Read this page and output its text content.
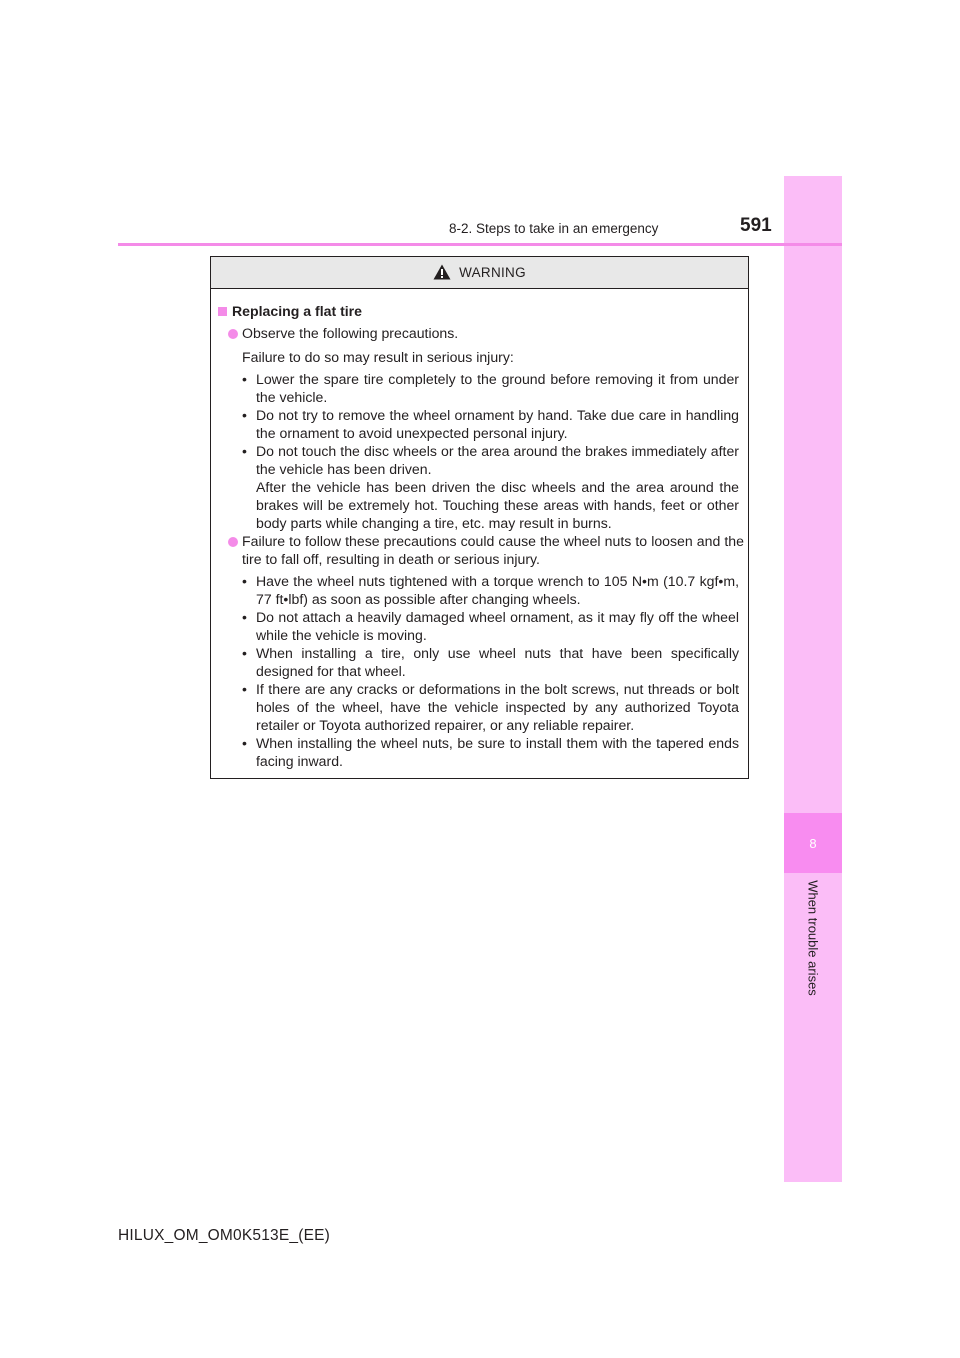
8
When trouble arises
8-2. Steps to take in an emergency	591
WARNING
Replacing a flat tire
Observe the following precautions.
Failure to do so may result in serious injury:
• Lower the spare tire completely to the ground before removing it from under the vehicle.
• Do not try to remove the wheel ornament by hand. Take due care in handling the ornament to avoid unexpected personal injury.
• Do not touch the disc wheels or the area around the brakes immediately after the vehicle has been driven.
After the vehicle has been driven the disc wheels and the area around the brakes will be extremely hot. Touching these areas with hands, feet or other body parts while changing a tire, etc. may result in burns.
Failure to follow these precautions could cause the wheel nuts to loosen and the tire to fall off, resulting in death or serious injury.
• Have the wheel nuts tightened with a torque wrench to 105 N•m (10.7 kgf•m, 77 ft•lbf) as soon as possible after changing wheels.
• Do not attach a heavily damaged wheel ornament, as it may fly off the wheel while the vehicle is moving.
• When installing a tire, only use wheel nuts that have been specifically designed for that wheel.
• If there are any cracks or deformations in the bolt screws, nut threads or bolt holes of the wheel, have the vehicle inspected by any authorized Toyota retailer or Toyota authorized repairer, or any reliable repairer.
• When installing the wheel nuts, be sure to install them with the tapered ends facing inward.
HILUX_OM_OM0K513E_(EE)
